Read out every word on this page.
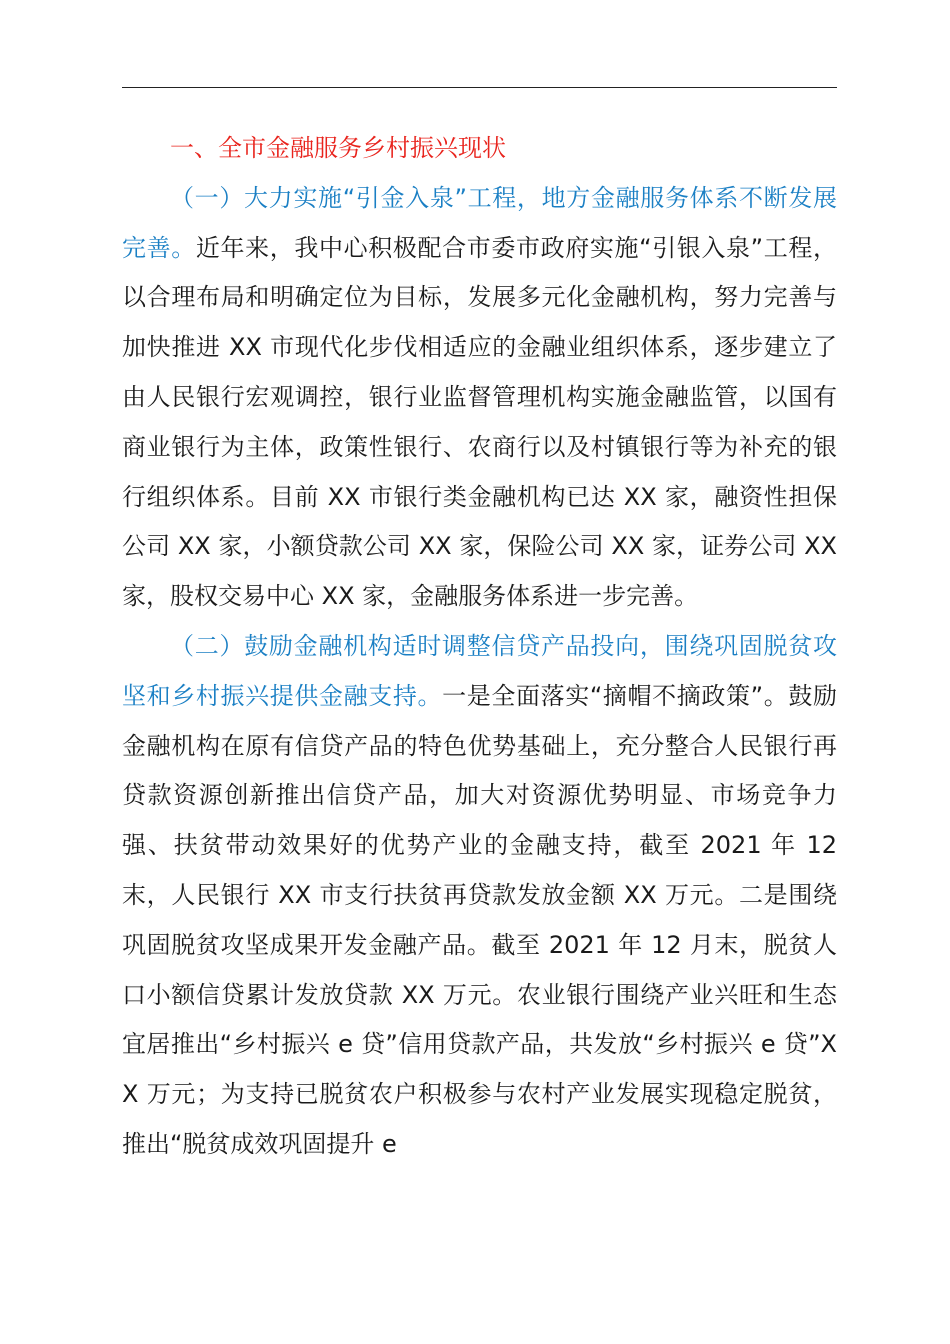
一、全市金融服务乡村振兴现状

（一）大力实施“引金入泉”工程，地方金融服务体系不断发展完善。近年来，我中心积极配合市委市政府实施“引银入泉”工程，以合理布局和明确定位为目标，发展多元化金融机构，努力完善与加快推进 XX 市现代化步伐相适应的金融业组织体系，逐步建立了由人民银行宏观调控，银行业监督管理机构实施金融监管，以国有商业银行为主体，政策性银行、农商行以及村镇银行等为补充的银行组织体系。目前 XX 市银行类金融机构已达 XX 家，融资性担保公司 XX 家，小额贷款公司 XX 家，保险公司 XX 家，证券公司 XX 家，股权交易中心 XX 家，金融服务体系进一步完善。

（二）鼓励金融机构适时调整信贷产品投向，围绕巩固脱贫攻坚和乡村振兴提供金融支持。一是全面落实“摘帽不摘政策”。鼓励金融机构在原有信贷产品的特色优势基础上，充分整合人民银行再贷款资源创新推出信贷产品，加大对资源优势明显、市场竞争力强、扶贫带动效果好的优势产业的金融支持，截至 2021 年 12 末，人民银行 XX 市支行扶贫再贷款发放金额 XX 万元。二是围绕巩固脱贫攻坚成果开发金融产品。截至 2021 年 12 月末，脱贫人口小额信贷累计发放贷款 XX 万元。农业银行围绕产业兴旺和生态宜居推出“乡村振兴 e 贷”信用贷款产品，共发放“乡村振兴 e 贷”XX 万元；为支持已脱贫农户积极参与农村产业发展实现稳定脱贫，推出“脱贫成效巩固提升 e
